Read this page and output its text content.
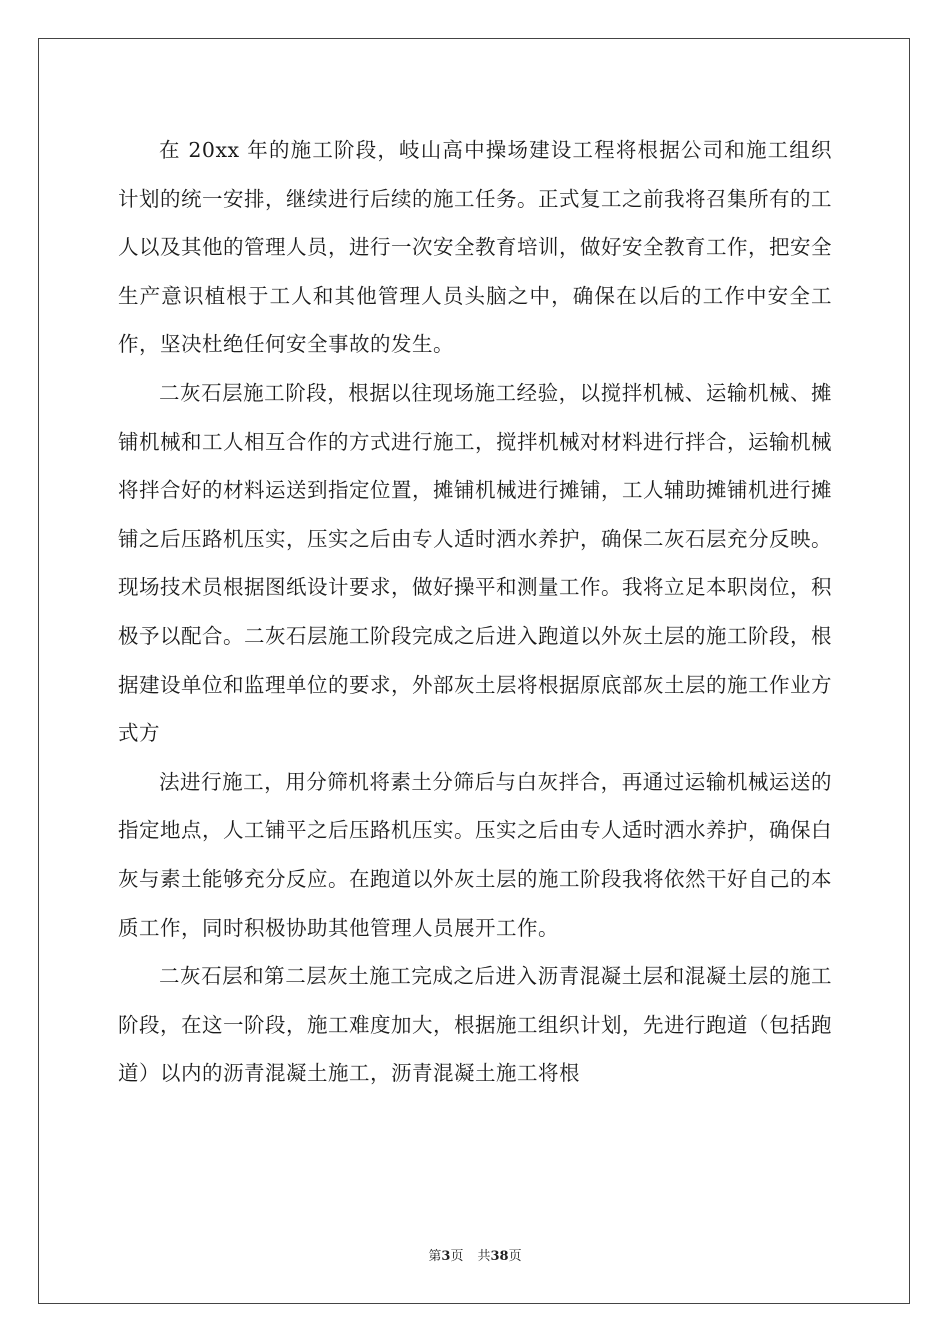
在 20xx 年的施工阶段，岐山高中操场建设工程将根据公司和施工组织计划的统一安排，继续进行后续的施工任务。正式复工之前我将召集所有的工人以及其他的管理人员，进行一次安全教育培训，做好安全教育工作，把安全生产意识植根于工人和其他管理人员头脑之中，确保在以后的工作中安全工作，坚决杜绝任何安全事故的发生。

二灰石层施工阶段，根据以往现场施工经验，以搅拌机械、运输机械、摊铺机械和工人相互合作的方式进行施工，搅拌机械对材料进行拌合，运输机械将拌合好的材料运送到指定位置，摊铺机械进行摊铺，工人辅助摊铺机进行摊铺之后压路机压实，压实之后由专人适时洒水养护，确保二灰石层充分反映。现场技术员根据图纸设计要求，做好操平和测量工作。我将立足本职岗位，积极予以配合。二灰石层施工阶段完成之后进入跑道以外灰土层的施工阶段，根据建设单位和监理单位的要求，外部灰土层将根据原底部灰土层的施工作业方式方

法进行施工，用分筛机将素土分筛后与白灰拌合，再通过运输机械运送的指定地点，人工铺平之后压路机压实。压实之后由专人适时洒水养护，确保白灰与素土能够充分反应。在跑道以外灰土层的施工阶段我将依然干好自己的本质工作，同时积极协助其他管理人员展开工作。

二灰石层和第二层灰土施工完成之后进入沥青混凝土层和混凝土层的施工阶段，在这一阶段，施工难度加大，根据施工组织计划，先进行跑道（包括跑道）以内的沥青混凝土施工，沥青混凝土施工将根

第3页 共38页
